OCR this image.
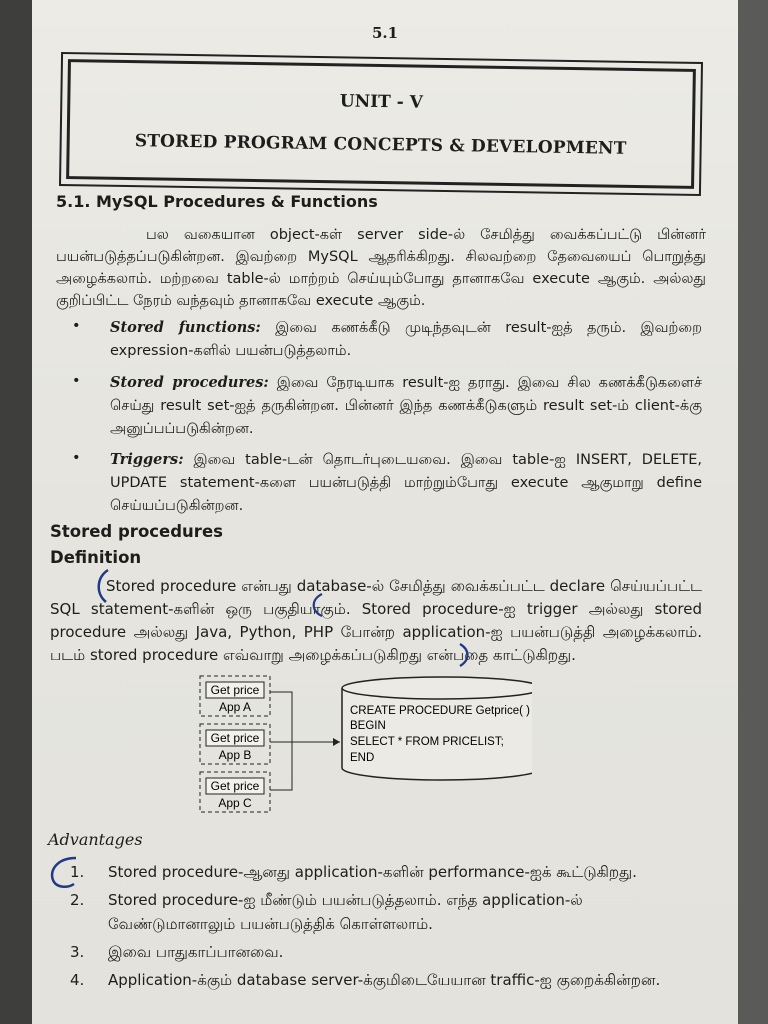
5.1
UNIT - V
STORED PROGRAM CONCEPTS & DEVELOPMENT
5.1. MySQL Procedures & Functions
பல வகையான object-கள் server side-ல் சேமித்து வைக்கப்பட்டு பின்னர் பயன்படுத்தப்படுகின்றன. இவற்றை MySQL ஆதரிக்கிறது. சிலவற்றை தேவையைப் பொறுத்து அழைக்கலாம். மற்றவை table-ல் மாற்றம் செய்யும்போது தானாகவே execute ஆகும். அல்லது குறிப்பிட்ட நேரம் வந்தவும் தானாகவே execute ஆகும்.
• Stored functions: இவை கணக்கீடு முடிந்தவுடன் result-ஐத் தரும். இவற்றை expression-களில் பயன்படுத்தலாம்.
• Stored procedures: இவை நேரடியாக result-ஐ தராது. இவை சில கணக்கீடுகளைச் செய்து result set-ஐத் தருகின்றன. பின்னர் இந்த கணக்கீடுகளும் result set-ம் client-க்கு அனுப்பப்படுகின்றன.
• Triggers: இவை table-டன் தொடர்புடையவை. இவை table-ஐ INSERT, DELETE, UPDATE statement-களை பயன்படுத்தி மாற்றும்போது execute ஆகுமாறு define செய்யப்படுகின்றன.
Stored procedures
Definition
Stored procedure என்பது database-ல் சேமித்து வைக்கப்பட்ட declare செய்யப்பட்ட SQL statement-களின் ஒரு பகுதியாகும். Stored procedure-ஐ trigger அல்லது stored procedure அல்லது Java, Python, PHP போன்ற application-ஐ பயன்படுத்தி அழைக்கலாம். படம் stored procedure எவ்வாறு அழைக்கப்படுகிறது என்பதை காட்டுகிறது.
Get price
App A
Get price
App B
Get price
App C
CREATE PROCEDURE Getprice( )
BEGIN
SELECT * FROM PRICELIST;
END
Advantages
1. Stored procedure-ஆனது application-களின் performance-ஐக் கூட்டுகிறது.
2. Stored procedure-ஐ மீண்டும் பயன்படுத்தலாம். எந்த application-ல் வேண்டுமானாலும் பயன்படுத்திக் கொள்ளலாம்.
3. இவை பாதுகாப்பானவை.
4. Application-க்கும் database server-க்குமிடையேயான traffic-ஐ குறைக்கின்றன.
